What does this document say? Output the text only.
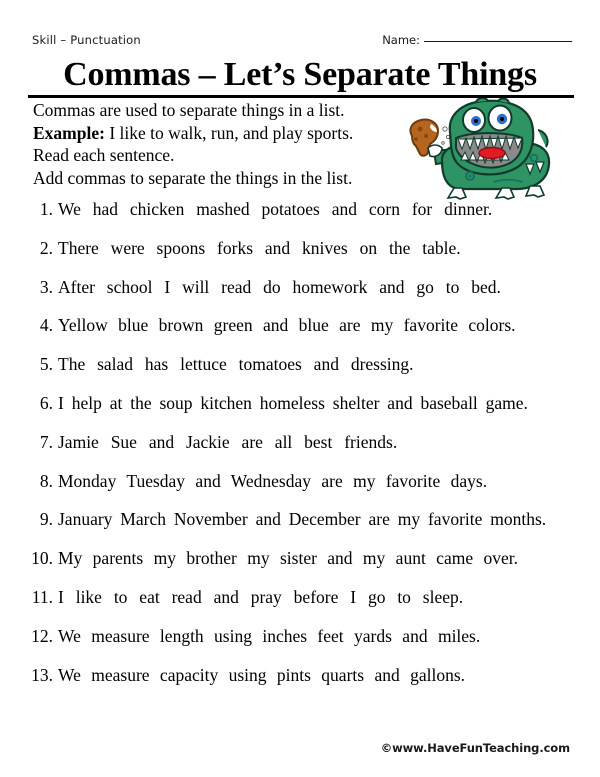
Skill – Punctuation	Name:
Commas – Let’s Separate Things
Commas are used to separate things in a list.
Example: I like to walk, run, and play sports.
Read each sentence.
Add commas to separate the things in the list.
1. We had chicken mashed potatoes and corn for dinner.
2. There were spoons forks and knives on the table.
3. After school I will read do homework and go to bed.
4. Yellow blue brown green and blue are my favorite colors.
5. The salad has lettuce tomatoes and dressing.
6. I help at the soup kitchen homeless shelter and baseball game.
7. Jamie Sue and Jackie are all best friends.
8. Monday Tuesday and Wednesday are my favorite days.
9. January March November and December are my favorite months.
10. My parents my brother my sister and my aunt came over.
11. I like to eat read and pray before I go to sleep.
12. We measure length using inches feet yards and miles.
13. We measure capacity using pints quarts and gallons.
©www.HaveFunTeaching.com
